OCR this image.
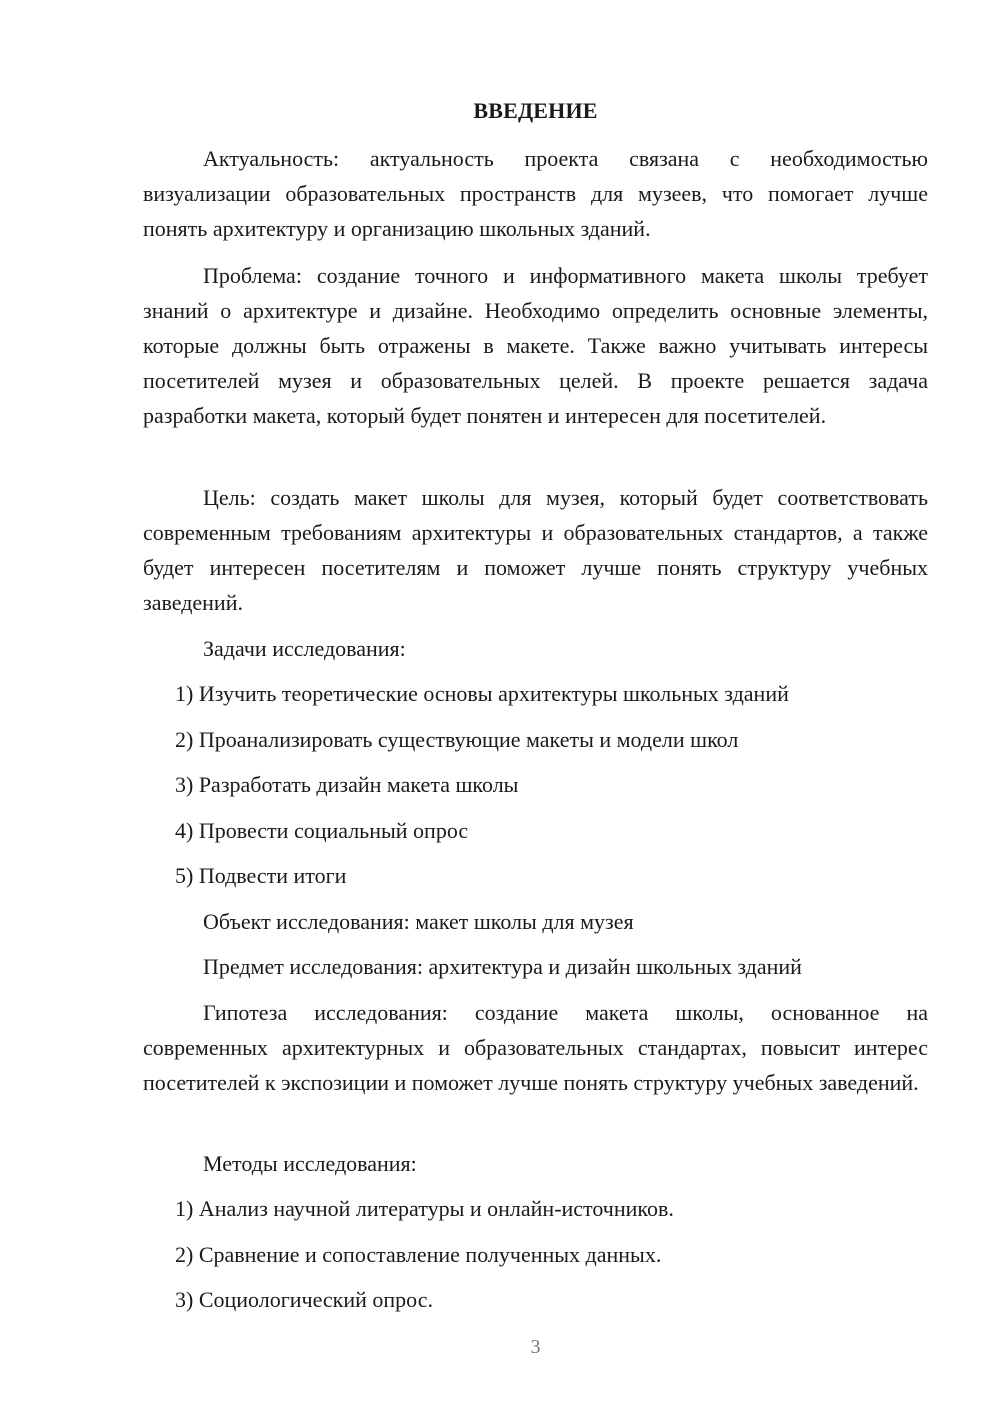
ВВЕДЕНИЕ

Актуальность: актуальность проекта связана с необходимостью визуализации образовательных пространств для музеев, что помогает лучше понять архитектуру и организацию школьных зданий.

Проблема: создание точного и информативного макета школы требует знаний о архитектуре и дизайне. Необходимо определить основные элементы, которые должны быть отражены в макете. Также важно учитывать интересы посетителей музея и образовательных целей. В проекте решается задача разработки макета, который будет понятен и интересен для посетителей.

Цель: создать макет школы для музея, который будет соответствовать современным требованиям архитектуры и образовательных стандартов, а также будет интересен посетителям и поможет лучше понять структуру учебных заведений.

Задачи исследования:

1) Изучить теоретические основы архитектуры школьных зданий

2) Проанализировать существующие макеты и модели школ

3) Разработать дизайн макета школы

4) Провести социальный опрос

5) Подвести итоги

Объект исследования: макет школы для музея

Предмет исследования: архитектура и дизайн школьных зданий

Гипотеза исследования: создание макета школы, основанное на современных архитектурных и образовательных стандартах, повысит интерес посетителей к экспозиции и поможет лучше понять структуру учебных заведений.

Методы исследования:

1) Анализ научной литературы и онлайн-источников.

2) Сравнение и сопоставление полученных данных.

3) Социологический опрос.

3
